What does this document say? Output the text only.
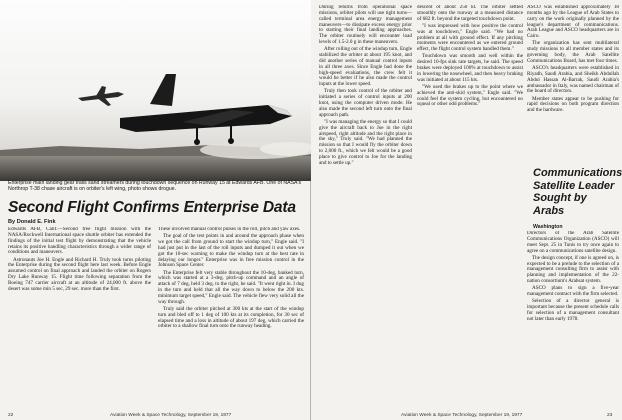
Enterprise main landing gear trails sand streamers during touchdown sequence on Runway 15 at Edwards AFB. One of NASA's Northrop T-38 chase aircraft is on orbiter's left wing, photo shows drogue.
Second Flight Confirms Enterprise Data
By Donald E. Fink

Edwards AFB, Calif.—Second free flight mission with the NASA/Rockwell International space shuttle orbiter has extended the findings of the initial test flight by demonstrating that the vehicle retains its positive handling characteristics through a wider range of conditions and maneuvers.

Astronauts Joe H. Engle and Richard H. Truly took turns piloting the Enterprise during the second flight here last week. Before Engle assumed control on final approach and landed the orbiter on Rogers Dry Lake Runway 15. Flight time following separation from the Boeing 747 carrier aircraft at an altitude of 24,000 ft. above the desert was some min 5 sec, 29 sec. more than the first.

These involved manual control pulses in the roll, pitch and yaw axes.

The goal of the test points in and around the approach phase when we got the call from ground to start the windup turn," Engle said. "I had just put in the last of the roll inputs and dumped it out when we got the 10-sec warning to make the windup turn at the best rate in delaying our longer." Enterprise was in free mission control in the Johnson Space Center.

The Enterprise felt very stable throughout the 10-deg, banked turn, which was started at a 3-deg. pitch-up command and an angle of attack of 7 deg, held 3 deg. to the right, he said. "It went right in. I dug in the turn and held that all the way down to below the 200 kts. minimum target speed," Engle said. The vehicle flew very solid all the way through.

Truly said the orbiter pitched at 300 kts at the start of the windup turn and bled off to 1 deg of 100 kts at its completion, for 30 sec of elapsed time and a loss in altitude of about 197 deg, which carried the orbiter to a shallow final turn onto the runway heading.

22	Aviation Week & Space Technology, September 19, 1977

During returns from operational space missions, orbiter pilots will use tight turns—called terminal area energy management maneuvers—to dissipate excess energy prior to starting their final landing approaches. The orbiter routinely will encounter load levels of 1.5-2.0 g in these maneuvers.

After rolling out of the windup turn, Engle stabilized the orbiter at about 195 knot, and did another series of manual control inputs in all three axes. Since Engle had done the high-speed evaluations, the crew felt it would be better if he also made the control inputs at the lower speed.

Truly then took control of the orbiter and initiated a series of control inputs at 200 knot, using the computer driven mode. He also made the second left turn onto the final approach path.

"I was managing the energy so that I could give the aircraft back to Joe in the right airspeed, right altitude and the right place in the sky," Truly said. "We had planned the mission so that I would fly the orbiter down to 2,000 ft., which we felt would be a good place to give control to Joe for the landing and to settle up."

descent of about 250 kt. The orbiter settled smoothly onto the runway at a measured distance of 682 ft. beyond the targeted touchdown point.

"I was impressed with how positive the control was at touchdown," Engle said. "We had no problem at all with ground effect. If any pitching moments were encountered as we entered ground effect, the flight control system handled them."

Touchdown was smooth and well within the desired 10-fps sink rate targets, he said. The speed brakes were deployed 100% at touchdown to assist in lowering the nosewheel, and then heavy braking was initiated at about 115 kts.

"We used the brakes up to the point where we achieved the anti-skid system," Engle said. "We could feel the system cycling, but encountered no squeal or other odd problems."

Communications Satellite Leader Sought by Arabs
Washington

ASCO was established approximately 18 months ago by the League of Arab States to carry on the work originally planned by the league's department of communications. Arab League and ASCO headquarters are in Cairo.

The organization has sent multilateral study missions to all member states and its governing body, the Arab Satellite Communications Board, has met four times.

ASCO's headquarters were established in Riyadh, Saudi Arabia, and Sheikh Abdullah Abdul Hassan Al-Barrak, Saudi Arabia's ambassador in Italy, was named chairman of the board of directors.

Member states appear to be pushing for rapid decisions on both program direction and the hardware.

Directors of the Arab Satellite Communications Organization (ASCO) will meet Sept. 25 in Tunis to try once again to agree on a communications satellite design.

The design concept, if one is agreed on, is expected to be a prelude to the selection of a management consulting firm to assist with planning and implementation of the 22-nation consortium's Arabsat system.

ASCO plans to sign a five-year management contract with the firm selected.

Selection of a director general is important because the present schedule calls for selection of a management consultant not later than early 1978.

Aviation Week & Space Technology, September 19, 1977	23
